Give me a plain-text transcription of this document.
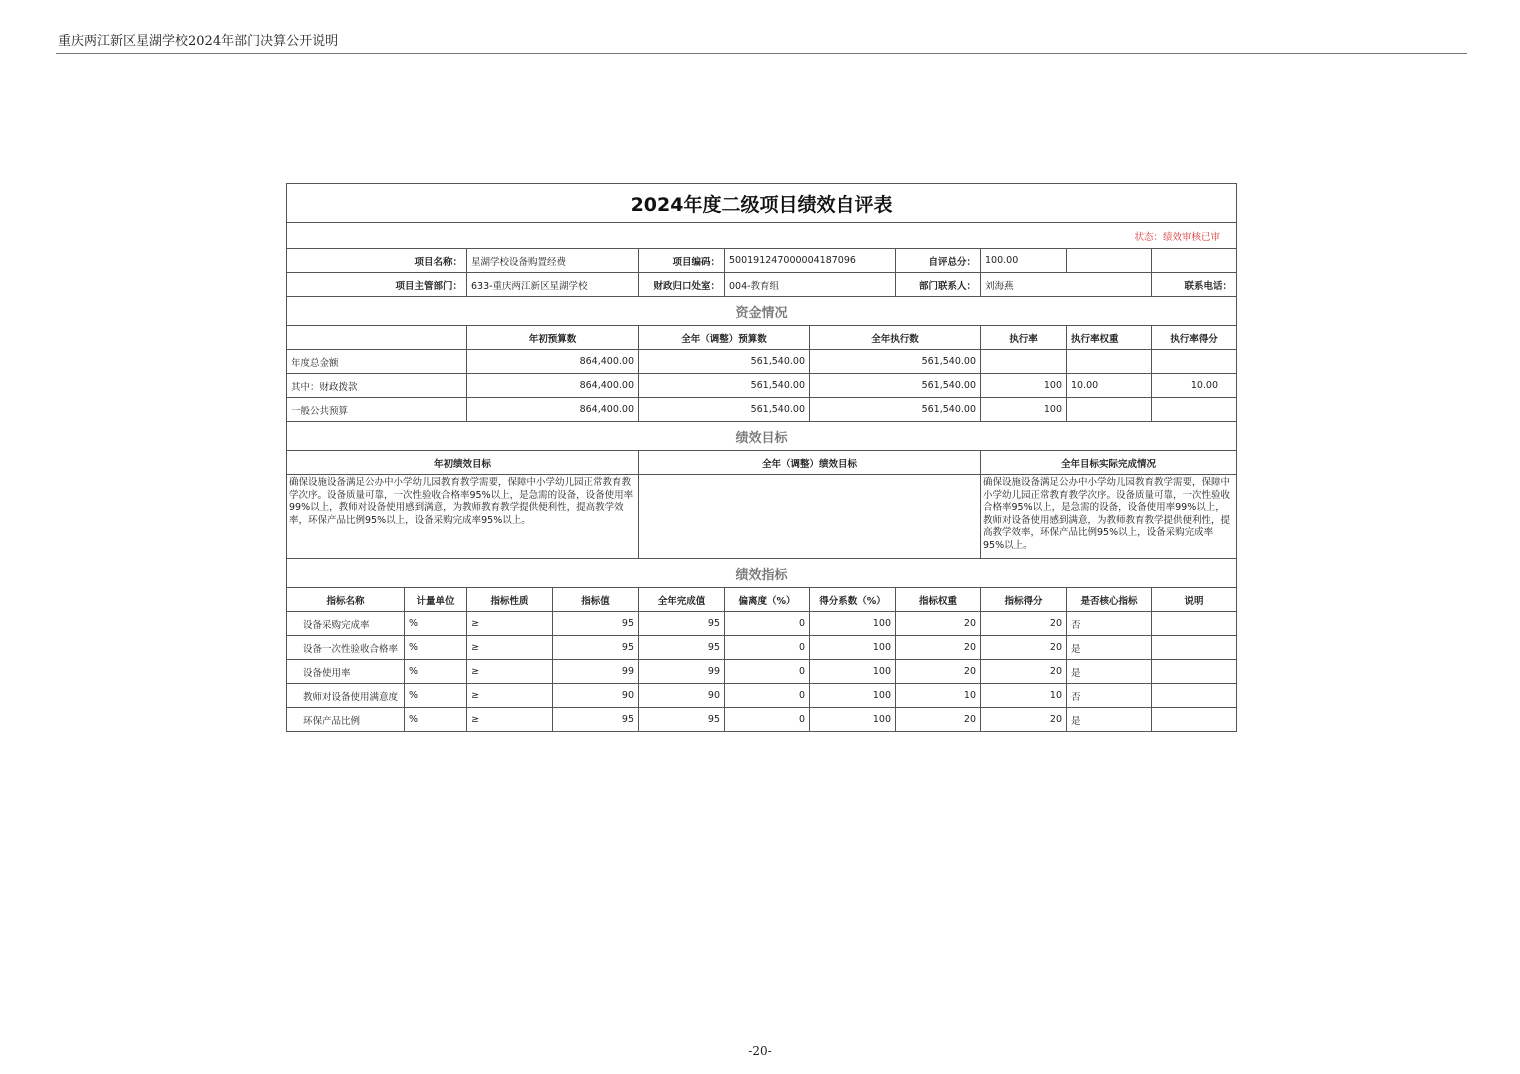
重庆两江新区星湖学校2024年部门决算公开说明
2024年度二级项目绩效自评表											
状态：绩效审核已审											
项目名称：		星湖学校设备购置经费		项目编码：	500191247000004187096		自评总分：	100.00			
项目主管部门：		633-重庆两江新区星湖学校		财政归口处室：	004-教育组		部门联系人：	刘海燕		联系电话：	
资金情况											
		年初预算数		全年（调整）预算数		全年执行数		执行率	执行率权重	执行率得分	
年度总金额		864,400.00		561,540.00		561,540.00					
其中：财政拨款		864,400.00		561,540.00		561,540.00		100	10.00	10.00	
一般公共预算		864,400.00		561,540.00		561,540.00		100			
绩效目标											
年初绩效目标				全年（调整）绩效目标				全年目标实际完成情况			
确保设施设备满足公办中小学幼儿园教育教学需要，保障中小学幼儿园正常教育教学次序。设备质量可靠，一次性验收合格率95%以上，是急需的设备，设备使用率99%以上，教师对设备使用感到满意，为教师教育教学提供便利性，提高教学效率，环保产品比例95%以上，设备采购完成率95%以上。								确保设施设备满足公办中小学幼儿园教育教学需要，保障中小学幼儿园正常教育教学次序。设备质量可靠，一次性验收合格率95%以上，是急需的设备，设备使用率99%以上，教师对设备使用感到满意，为教师教育教学提供便利性，提高教学效率，环保产品比例95%以上，设备采购完成率95%以上。			
绩效指标											
指标名称	计量单位	指标性质	指标值	全年完成值	偏离度（%）	得分系数（%）	指标权重	指标得分	是否核心指标	说明	
设备采购完成率	%	≥	95	95	0	100	20	20	否		
设备一次性验收合格率	%	≥	95	95	0	100	20	20	是		
设备使用率	%	≥	99	99	0	100	20	20	是		
教师对设备使用满意度	%	≥	90	90	0	100	10	10	否		
环保产品比例	%	≥	95	95	0	100	20	20	是		
-20-
